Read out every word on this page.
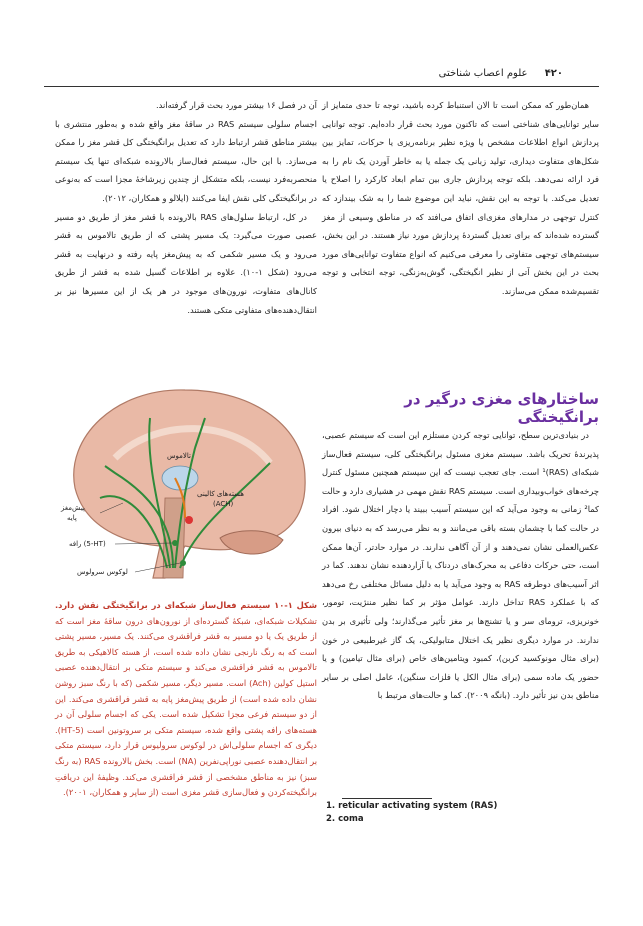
۴۲۰ علوم اعصاب شناختی

همان‌طور که ممکن است تا الان استنباط کرده باشید، توجه تا حدی متمایز از سایر توانایی‌های شناختی است که تاکنون مورد بحث قرار داده‌ایم. توجه توانایی پردازش انواع اطلاعات مشخص یا ویژه نظیر برنامه‌ریزی یا حرکات، تمایز بین شکل‌های متفاوت دیداری، تولید زبانی یک جمله یا به خاطر آوردن یک نام را به فرد ارائه نمی‌دهد. بلکه توجه پردازش جاری بین تمام ابعاد کارکرد را اصلاح یا تعدیل می‌کند. با توجه به این نقش، نباید این موضوع شما را به شک بیندازد که کنترل توجهی در مدارهای مغزی‌ای اتفاق می‌افتد که در مناطق وسیعی از مغز گسترده شده‌اند که برای تعدیل گستردهٔ پردازش مورد نیاز هستند. در این بخش، سیستم‌های توجهی متفاوتی را معرفی می‌کنیم که انواع متفاوت توانایی‌های مورد بحث در این بخش آتی از نظیر انگیختگی، گوش‌به‌زنگی، توجه انتخابی و توجه تقسیم‌شده ممکن می‌سازند.

آن در فصل ۱۶ بیشتر مورد بحث قرار گرفته‌اند.

اجسام سلولی سیستم RAS در ساقهٔ مغز واقع شده و به‌طور منتشری با بیشتر مناطق قشر ارتباط دارد که تعدیل برانگیختگی کل قشر مغز را ممکن می‌سازد. با این حال، سیستم فعال‌ساز بالارونده شبکه‌ای تنها یک سیستم منحصربه‌فرد نیست، بلکه متشکل از چندین زیرشاخهٔ مجزا است که به‌نوعی در برانگیختگی کلی نقش ایفا می‌کنند (ایلالو و همکاران، ۲۰۱۲).

در کل، ارتباط سلول‌های RAS بالارونده با قشر مغز از طریق دو مسیر عصبی صورت می‌گیرد: یک مسیر پشتی که از طریق تالاموس به قشر می‌رود و یک مسیر شکمی که به پیش‌مغز پایه رفته و درنهایت به قشر می‌رود (شکل ۱-۱۰). علاوه بر اطلاعات گسیل شده به قشر از طریق کانال‌های متفاوت، نورون‌های موجود در هر یک از این مسیرها نیز بر انتقال‌دهنده‌های متفاوتی متکی هستند.

ساختارهای مغزی درگیر در برانگیختگی

در بنیادی‌ترین سطح، توانایی توجه کردن مستلزم این است که سیستم عصبی، پذیرندهٔ تحریک باشد. سیستم مغزی مسئول برانگیختگی کلی، سیستم فعال‌ساز شبکه‌ای (RAS)¹ است. جای تعجب نیست که این سیستم همچنین مسئول کنترل چرخه‌های خواب‌وبیداری است. سیستم RAS نقش مهمی در هشیاری دارد و حالت کما² زمانی به وجود می‌آید که این سیستم آسیب ببیند یا دچار اختلال شود. افراد در حالت کما با چشمان بسته باقی می‌مانند و به نظر می‌رسد که به دنیای بیرون عکس‌العملی نشان نمی‌دهند و از آن آگاهی ندارند. در موارد حادتر، آن‌ها ممکن است، حتی حرکات دفاعی به محرک‌های دردناک یا آزاردهنده نشان ندهند. کما در اثر آسیب‌های دوطرفه RAS به وجود می‌آید یا به دلیل مسائل مختلفی رخ می‌دهد که با عملکرد RAS تداخل دارند. عوامل مؤثر بر کما نظیر مننژیت، تومور، خونریزی، ترومای سر و یا تشنج‌ها بر مغز تأثیر می‌گذارند؛ ولی تأثیری بر بدن ندارند. در موارد دیگری نظیر یک اختلال متابولیکی، یک گاز غیرطبیعی در خون (برای مثال مونوکسید کربن)، کمبود ویتامین‌های خاص (برای مثال تیامین) و یا حضور یک ماده سمی (برای مثال الکل یا فلزات سنگین)، عامل اصلی بر سایر مناطق بدن نیز تأثیر دارد. (بانگه ۲۰۰۹). کما و حالت‌های مرتبط با

تالاموس
هسته‌های کالینی
(ACH)
پیش‌مغز
پایه
رافه (5-HT)
لوکوس سرولوس
شکل ۱-۱۰ سیستم فعال‌ساز شبکه‌ای در برانگیختگی نقش دارد. تشکیلات شبکه‌ای، شبکهٔ گسترده‌ای از نورون‌های درون ساقهٔ مغز است که از طریق یک یا دو مسیر به قشر فراقشری می‌کنند. یک مسیر، مسیر پشتی است که به رنگ نارنجی نشان داده شده است، از هسته کالاهیکی به طریق تالاموس به قشر فراقشری می‌کند و سیستم متکی بر انتقال‌دهنده عصبی استیل کولین (Ach) است. مسیر دیگر، مسیر شکمی (که با رنگ سبز روشن نشان داده شده است) از طریق پیش‌مغز پایه به قشر فراقشری می‌کند. این از دو سیستم فرعی مجزا تشکیل شده است. یکی که اجسام سلولی آن در هسته‌های رافه پشتی واقع شده، سیستم متکی بر سروتونین است (5-HT). دیگری که اجسام سلولی‌اش در لوکوس سرولیوس قرار دارد، سیستم متکی بر انتقال‌دهنده عصبی نوراپی‌نفرین (NA) است. بخش بالارونده RAS (به رنگ سبز) نیز به مناطق مشخصی از قشر فراقشری می‌کند. وظیفهٔ این دریافتِ برانگیخته‌کردن و فعال‌سازی قشر مغزی است (از ساپر و همکاران، ۲۰۰۱).
1. reticular activating system (RAS)
2. coma
